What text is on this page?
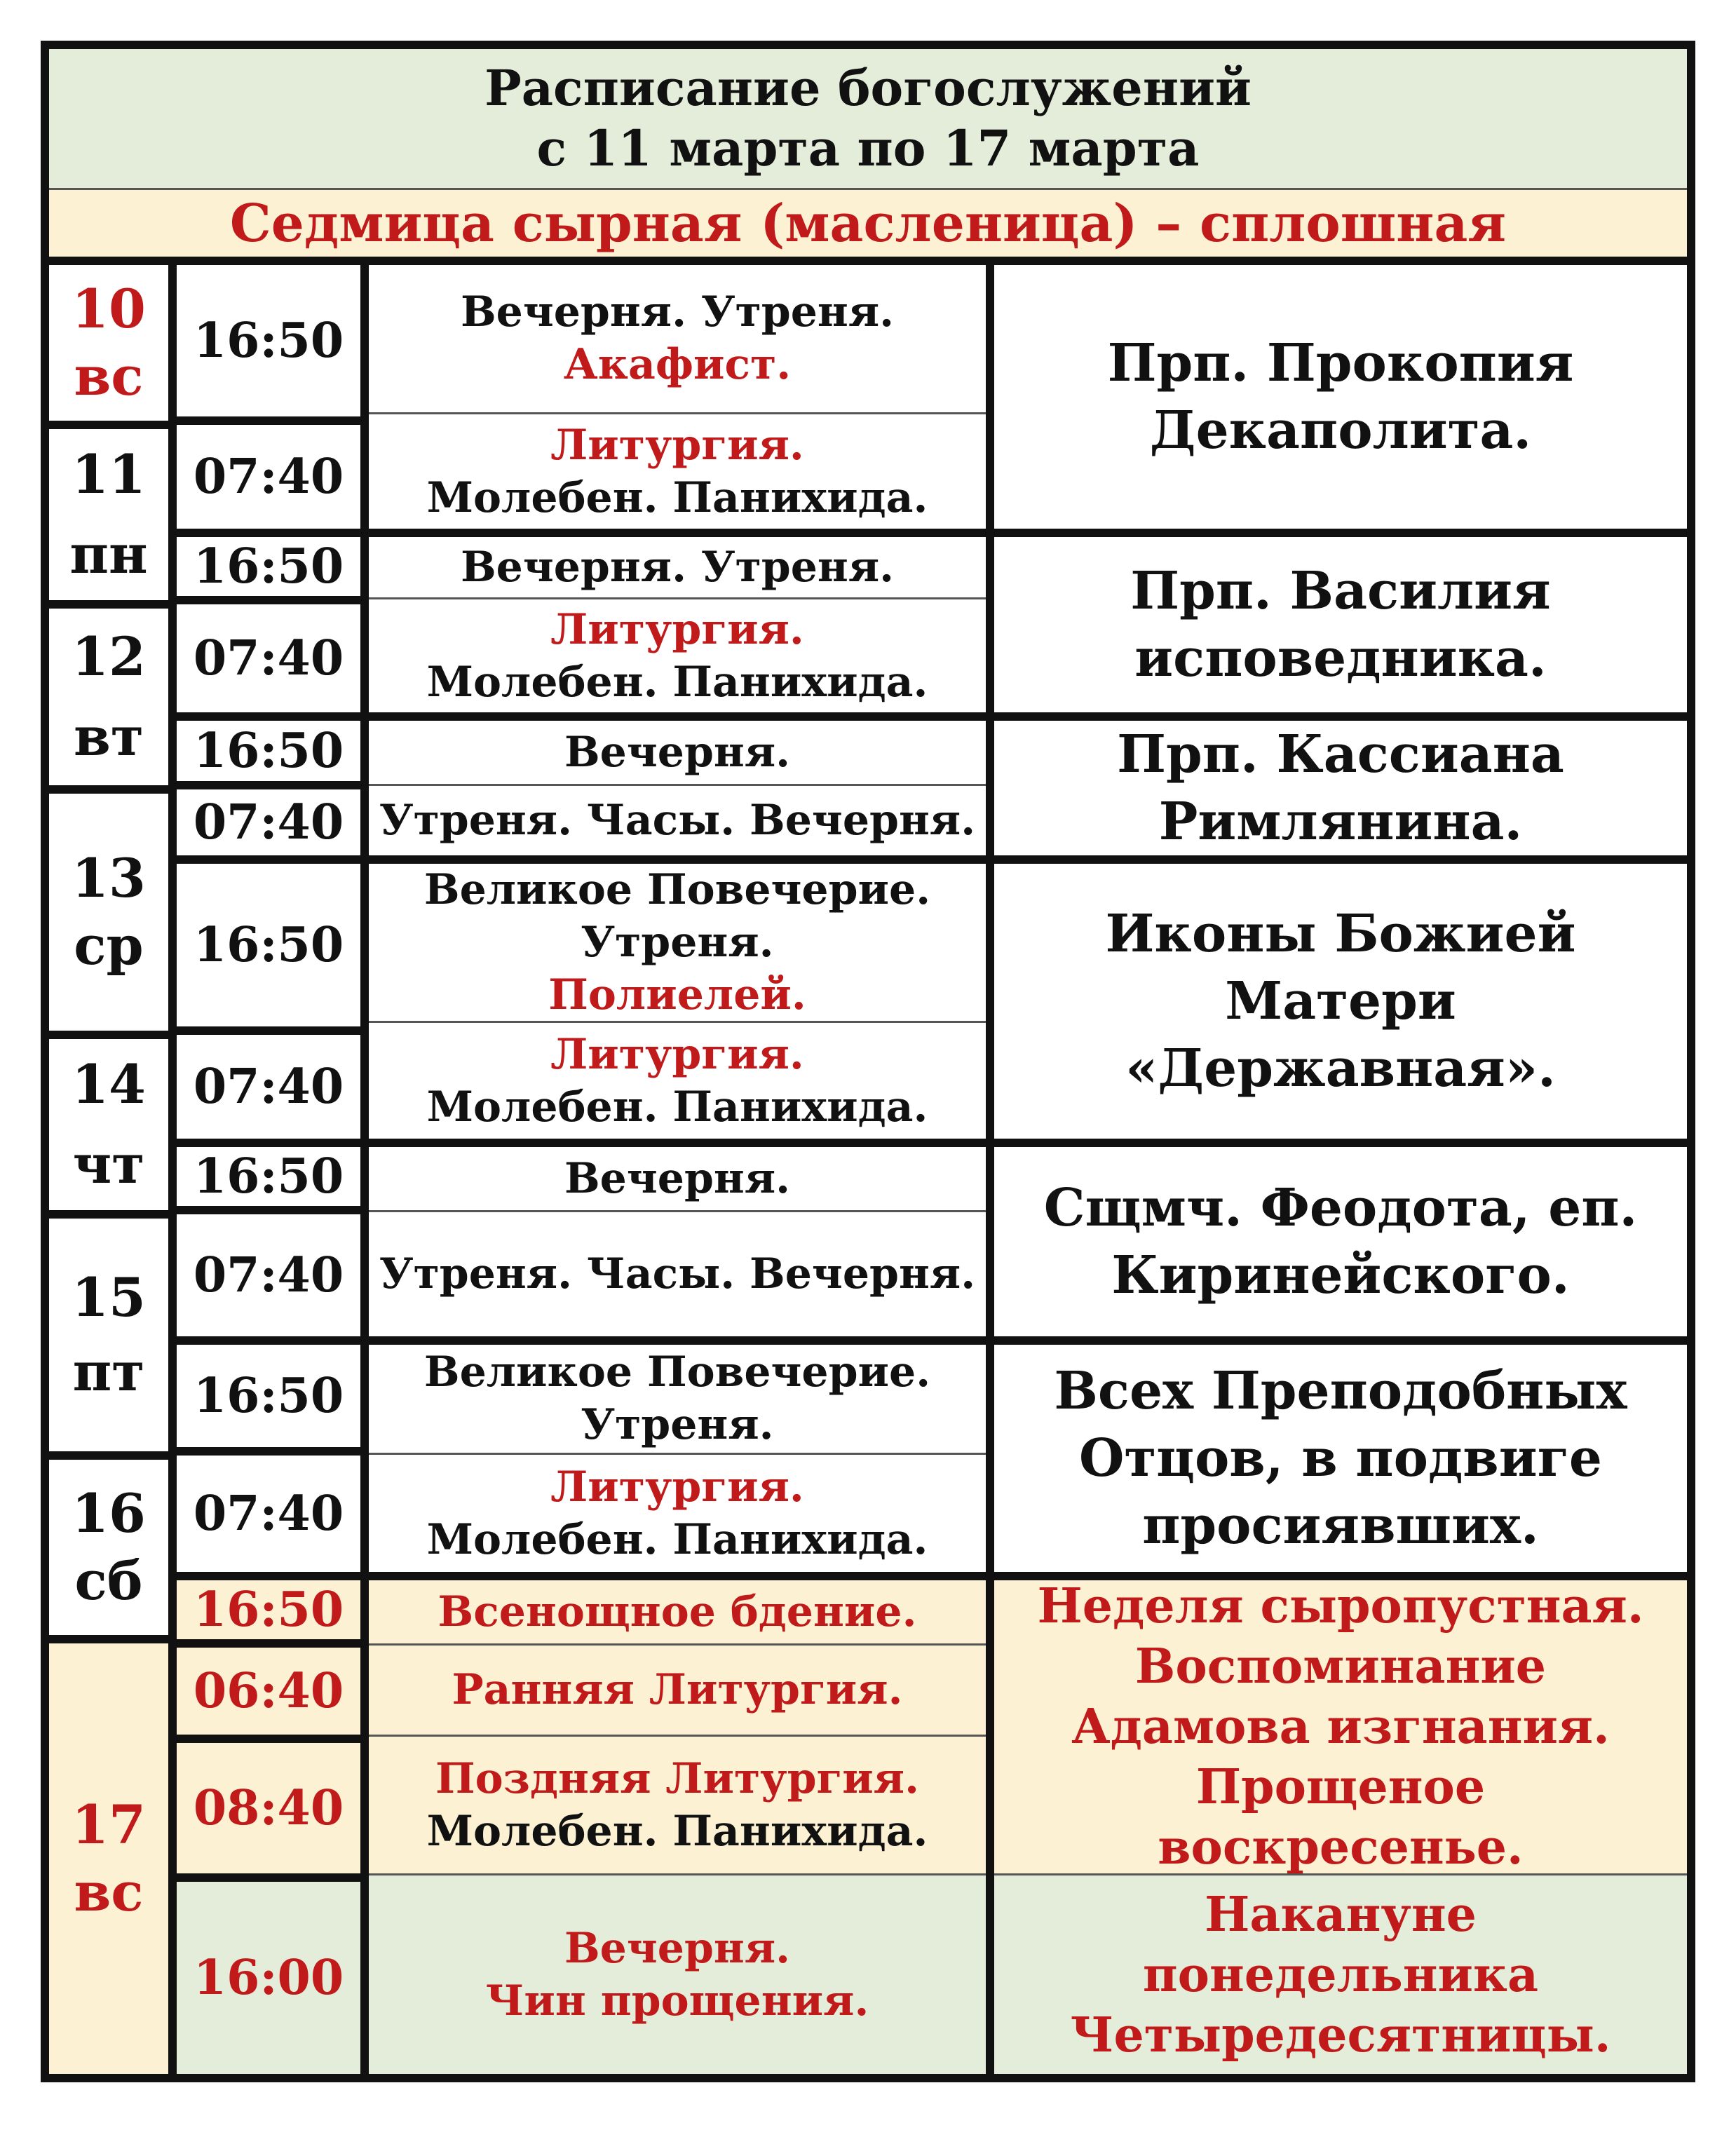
Расписание богослужений
с 11 марта по 17 марта
Седмица сырная (масленица) – сплошная
10
вс
11
пн
12
вт
13
ср
14
чт
15
пт
16
сб
17
вс
16:50
07:40
16:50
07:40
16:50
07:40
16:50
07:40
16:50
07:40
16:50
07:40
16:50
06:40
08:40
16:00
Вечерня. Утреня.
Акафист.
Литургия.
Молебен. Панихида.
Вечерня. Утреня.
Литургия.
Молебен. Панихида.
Вечерня.
Утреня. Часы. Вечерня.
Великое Повечерие.
Утреня.
Полиелей.
Литургия.
Молебен. Панихида.
Вечерня.
Утреня. Часы. Вечерня.
Великое Повечерие.
Утреня.
Литургия.
Молебен. Панихида.
Всенощное бдение.
Ранняя Литургия.
Поздняя Литургия.
Молебен. Панихида.
Вечерня.
Чин прощения.
Прп. Прокопия
Декаполита.
Прп. Василия
исповедника.
Прп. Кассиана
Римлянина.
Иконы Божией
Матери
«Державная».
Сщмч. Феодота, еп.
Киринейского.
Всех Преподобных
Отцов, в подвиге
просиявших.
Неделя сыропустная.
Воспоминание
Адамова изгнания.
Прощеное
воскресенье.
Накануне
понедельника
Четыредесятницы.
